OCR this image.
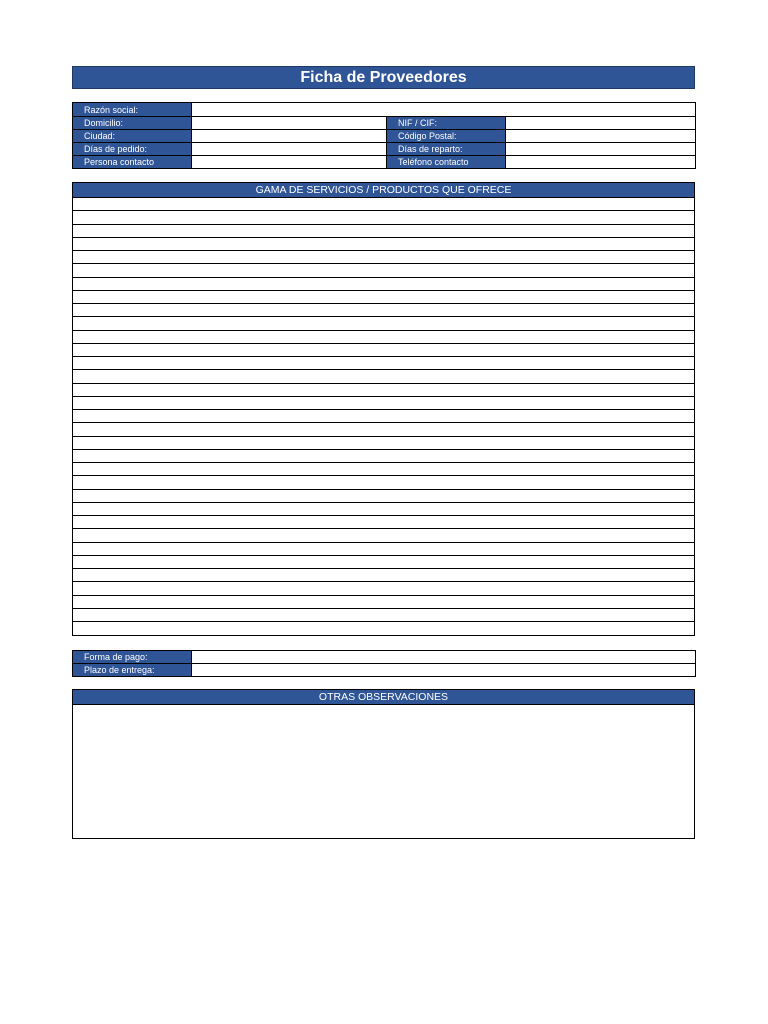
Ficha de Proveedores
Razón social:			
Domicilio:		NIF / CIF:	
Ciudad:		Código Postal:	
Días de pedido:		Días de reparto:	
Persona contacto		Teléfono contacto	
GAMA DE SERVICIOS / PRODUCTOS QUE OFRECE
Forma de pago:	
Plazo de entrega:	
OTRAS OBSERVACIONES
